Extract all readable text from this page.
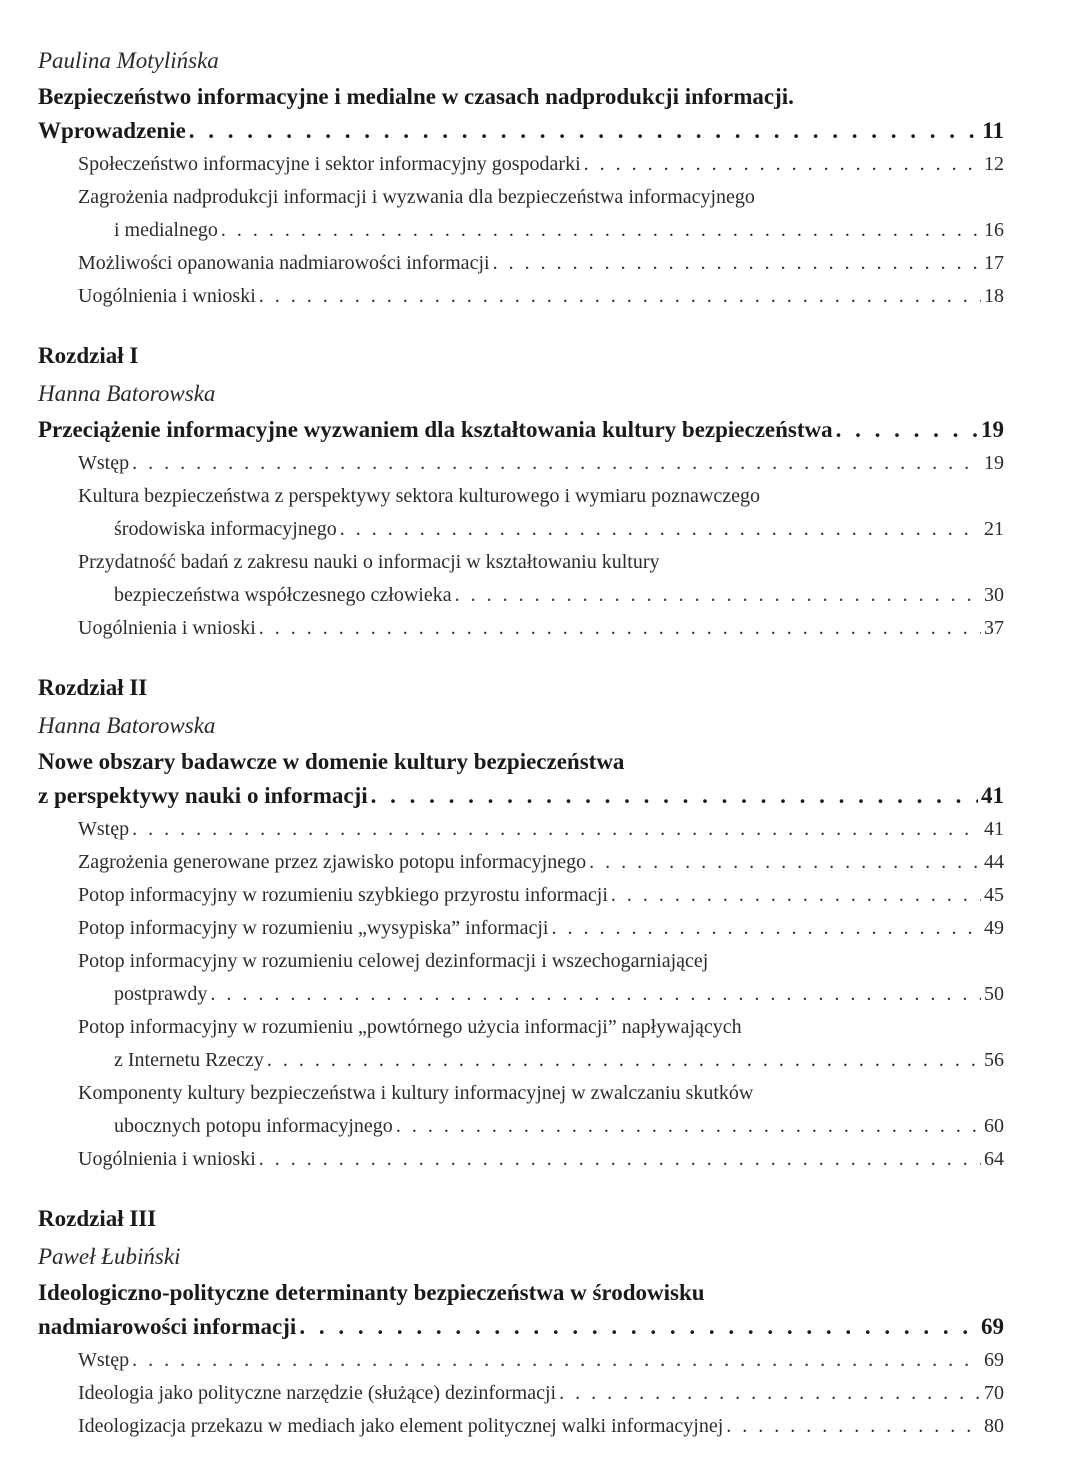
Paulina Motylińska
Bezpieczeństwo informacyjne i medialne w czasach nadprodukcji informacji.
Wprowadzenie . . .	11
Społeczeństwo informacyjne i sektor informacyjny gospodarki . . .	12
Zagrożenia nadprodukcji informacji i wyzwania dla bezpieczeństwa informacyjnego
i medialnego . . .	16
Możliwości opanowania nadmiarowości informacji . . .	17
Uogólnienia i wnioski . . .	18
Rozdział I
Hanna Batorowska
Przeciążenie informacyjne wyzwaniem dla kształtowania kultury bezpieczeństwa . . .	19
Wstęp . . .	19
Kultura bezpieczeństwa z perspektywy sektora kulturowego i wymiaru poznawczego
środowiska informacyjnego . . .	21
Przydatność badań z zakresu nauki o informacji w kształtowaniu kultury
bezpieczeństwa współczesnego człowieka . . .	30
Uogólnienia i wnioski . . .	37
Rozdział II
Hanna Batorowska
Nowe obszary badawcze w domenie kultury bezpieczeństwa
z perspektywy nauki o informacji . . .	41
Wstęp . . .	41
Zagrożenia generowane przez zjawisko potopu informacyjnego . . .	44
Potop informacyjny w rozumieniu szybkiego przyrostu informacji . . .	45
Potop informacyjny w rozumieniu „wysypiska” informacji . . .	49
Potop informacyjny w rozumieniu celowej dezinformacji i wszechogarniającej
postprawdy . . .	50
Potop informacyjny w rozumieniu „powtórnego użycia informacji” napływających
z Internetu Rzeczy . . .	56
Komponenty kultury bezpieczeństwa i kultury informacyjnej w zwalczaniu skutków
ubocznych potopu informacyjnego . . .	60
Uogólnienia i wnioski . . .	64
Rozdział III
Paweł Łubiński
Ideologiczno-polityczne determinanty bezpieczeństwa w środowisku
nadmiarowości informacji . . .	69
Wstęp . . .	69
Ideologia jako polityczne narzędzie (służące) dezinformacji . . .	70
Ideologizacja przekazu w mediach jako element politycznej walki informacyjnej . . .	80
